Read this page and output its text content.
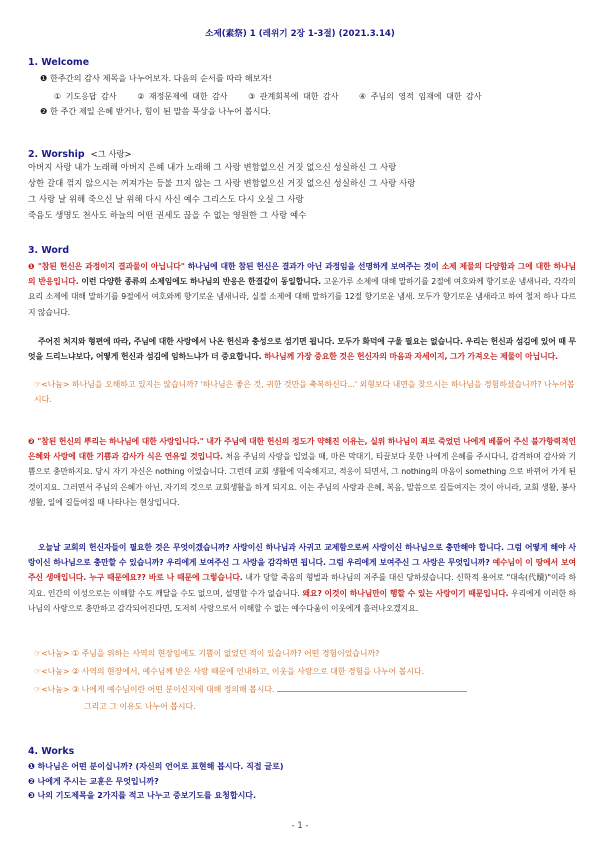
소제(素祭) 1 (레위기 2장 1-3절) (2021.3.14)
1. Welcome
❶ 한주간의 감사 제목을 나누어보자. 다음의 순서를 따라 해보자!
① 기도응답 감사	② 재정문제에 대한 감사	③ 관계회복에 대한 감사	④ 주님의 영적 임재에 대한 감사
❷ 한 주간 제일 은혜 받거나, 힘이 된 말씀 묵상을 나누어 봅시다.
2. Worship <그 사랑>
아버지 사랑 내가 노래해 아버지 은혜 내가 노래해 그 사랑 변함없으신 거짓 없으신 성실하신 그 사랑
상한 갈대 꺾지 않으시는 꺼져가는 등불 끄지 않는 그 사랑 변함없으신 거짓 없으신 성실하신 그 사랑 사랑
그 사랑 날 위해 죽으신 날 위해 다시 사신 예수 그리스도 다시 오실 그 사랑
죽음도 생명도 천사도 하늘의 어떤 권세도 끊을 수 없는 영원한 그 사랑 예수
3. Word
❶ "참된 헌신은 과정이지 결과물이 아닙니다" 하나님에 대한 참된 헌신은 결과가 아닌 과정임을 선명하게 보여주는 것이 소제 제물의 다양함과 그에 대한 하나님의 반응입니다. 이런 다양한 종류의 소제임에도 하나님의 반응은 한결같이 동일합니다. 고운가루 소제에 대해 말하기를 2절에 여호와께 향기로운 냄새니라, 각각의 요리 소제에 대해 말하기를 9절에서 여호와께 향기로운 냄새니라, 실절 소제에 대해 말하기를 12절 향기로운 냄새. 모두가 향기로운 냄새라고 하여 철저 하나 다르지 않습니다.
주어진 처지와 형편에 따라, 주님에 대한 사랑에서 나온 헌신과 충성으로 섬기면 됩니다. 모두가 화덕에 구울 필요는 없습니다. 우리는 헌신과 섬김에 있어 때 무엇을 드리느냐보다, 어떻게 헌신과 섬김에 임하느냐가 더 중요합니다. 하나님께 가장 중요한 것은 헌신자의 마음과 자세이지, 그가 가져오는 제물이 아닙니다.
☞<나눔> 하나님을 오해하고 있지는 않습니까? '하나님은 좋은 것, 귀한 것만을 축복하신다...' 외형보다 내면을 찾으시는 하나님을 경험하셨습니까? 나누어봅시다.
❷ "참된 헌신의 뿌리는 하나님에 대한 사랑입니다." 내가 주님에 대한 헌신의 정도가 약해진 이유는, 실위 하나님이 죄로 죽었던 나에게 베풀어 주신 불가항력적인 은혜와 사랑에 대한 기쁨과 감사가 식은 연유일 것입니다. 처음 주님의 사랑을 입었을 때, 마른 막대기, 티끌보다 못한 나에게 은혜를 주시다니, 감격하며 감사와 기쁨으로 충만하지요. 당시 자기 자신은 nothing 이었습니다. 그런데 교회 생활에 익숙해지고, 적응이 되면서, 그 nothing의 마음이 something 으로 바뀌어 가게 된 것이지요. 그러면서 주님의 은혜가 아닌, 자기의 것으로 교회생활을 하게 되지요. 이는 주님의 사랑과 은혜, 복음, 말씀으로 길들여지는 것이 아니라, 교회 생활, 봉사생활, 일에 길들여질 때 나타나는 현상입니다.
오늘날 교회의 헌신자들이 필요한 것은 무엇이겠습니까? 사랑이신 하나님과 사귀고 교제함으로써 사랑이신 하나님으로 충만해야 합니다. 그럼 어떻게 해야 사랑이신 하나님으로 충만할 수 있습니까? 우리에게 보여주신 그 사랑을 감각하면 됩니다. 그럼 우리에게 보여주신 그 사랑은 무엇입니까? 예수님이 이 땅에서 보여주신 생애입니다. 누구 때문에요?? 바로 나 때문에 그렇습니다. 내가 당할 죽음의 형벌과 하나님의 저주를 대신 당하셨습니다. 신학적 용어로 "대속(代贖)"이라 하지요. 인간의 이성으로는 이해할 수도 깨달을 수도 없으며, 설명할 수가 없습니다. 왜요? 이것이 하나님만이 행할 수 있는 사랑이기 때문입니다. 우리에게 이러한 하나님의 사랑으로 충만하고 감각되어진다면, 도저히 사랑으로서 이해할 수 없는 예수다움이 이웃에게 흘러나오겠지요.
☞<나눔> ① 주님을 위하는 사역의 현장임에도 기쁨이 없었던 적이 있습니까? 어떤 경험이었습니까?
☞<나눔> ② 사역의 현장에서, 예수님께 받은 사랑 때문에 인내하고, 이웃을 사랑으로 대한 경험을 나누어 봅시다.
☞<나눔> ③ 나에게 예수님이란 어떤 분이신지에 대해 정의해 봅시다.
그리고 그 이유도 나누어 봅시다.
4. Works
❶ 하나님은 어떤 분이십니까? (자신의 언어로 표현해 봅시다. 직접 글로)
❷ 나에게 주시는 교훈은 무엇입니까?
❸ 나의 기도제목을 2가지를 적고 나누고 중보기도를 요청합시다.
- 1 -
